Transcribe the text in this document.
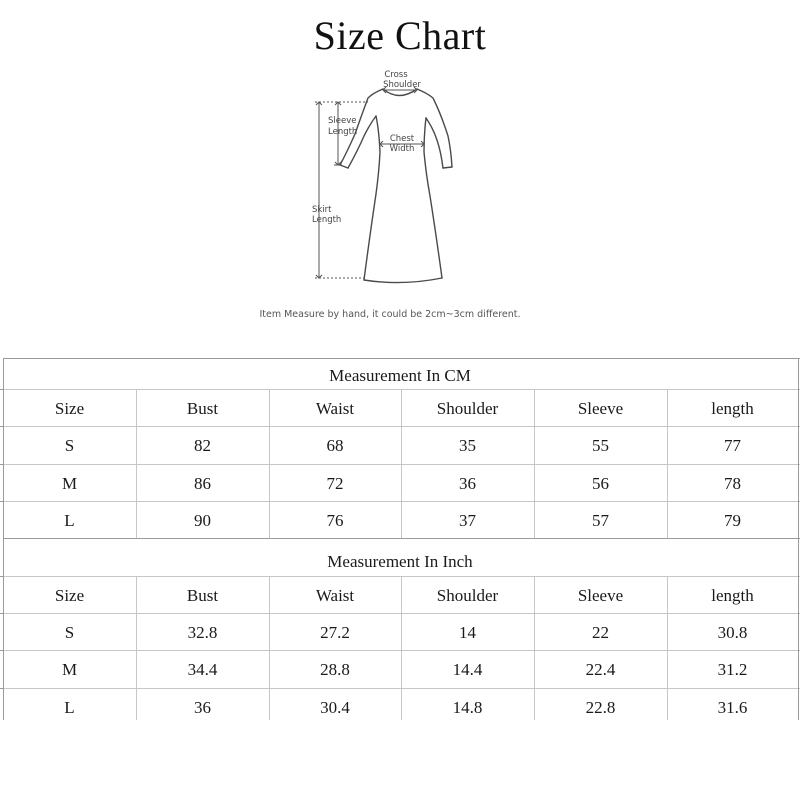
Size Chart
Cross
Shoulder
Sleeve
Length
Chest
Width
Skirt
Length
Item Measure by hand, it could be 2cm~3cm different.
Measurement In CM
Size	Bust	Waist	Shoulder	Sleeve	length
S	82	68	35	55	77
M	86	72	36	56	78
L	90	76	37	57	79
Measurement In Inch
Size	Bust	Waist	Shoulder	Sleeve	length
S	32.8	27.2	14	22	30.8
M	34.4	28.8	14.4	22.4	31.2
L	36	30.4	14.8	22.8	31.6
